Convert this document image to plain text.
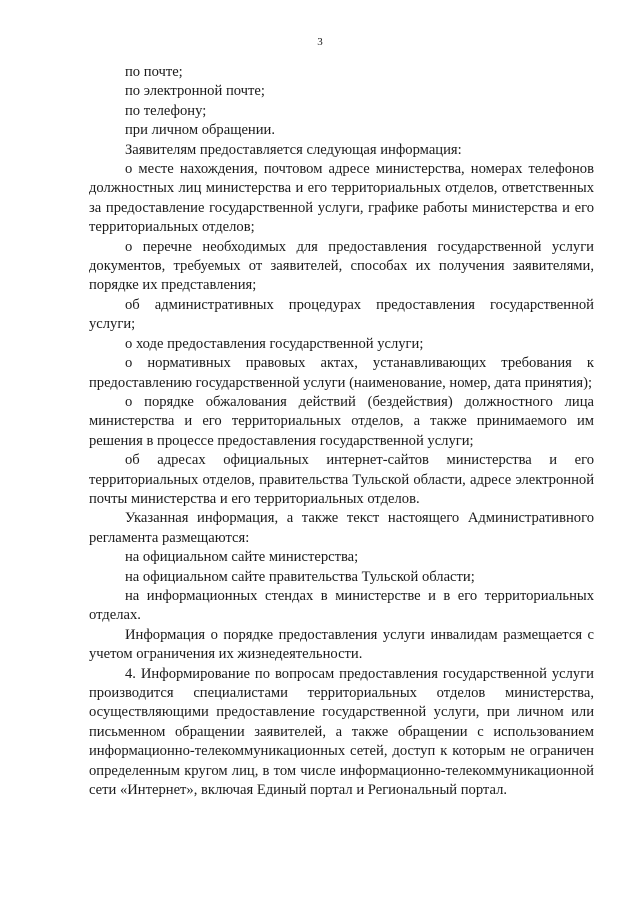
3

по почте;

по электронной почте;

по телефону;

при личном обращении.

Заявителям предоставляется следующая информация:

о месте нахождения, почтовом адресе министерства, номерах телефонов должностных лиц министерства и его территориальных отделов, ответственных за предоставление государственной услуги, графике работы министерства и его территориальных отделов;

о перечне необходимых для предоставления государственной услуги документов, требуемых от заявителей, способах их получения заявителями, порядке их представления;

об административных процедурах предоставления государственной услуги;

о ходе предоставления государственной услуги;

о нормативных правовых актах, устанавливающих требования к предоставлению государственной услуги (наименование, номер, дата принятия);

о порядке обжалования действий (бездействия) должностного лица министерства и его территориальных отделов, а также принимаемого им решения в процессе предоставления государственной услуги;

об адресах официальных интернет-сайтов министерства и его территориальных отделов, правительства Тульской области, адресе электронной почты министерства и его территориальных отделов.

Указанная информация, а также текст настоящего Административного регламента размещаются:

на официальном сайте министерства;

на официальном сайте правительства Тульской области;

на информационных стендах в министерстве и в его территориальных отделах.

Информация о порядке предоставления услуги инвалидам размещается с учетом ограничения их жизнедеятельности.

4. Информирование по вопросам предоставления государственной услуги производится специалистами территориальных отделов министерства, осуществляющими предоставление государственной услуги, при личном или письменном обращении заявителей, а также обращении с использованием информационно-телекоммуникационных сетей, доступ к которым не ограничен определенным кругом лиц, в том числе информационно-телекоммуникационной сети «Интернет», включая Единый портал и Региональный портал.
